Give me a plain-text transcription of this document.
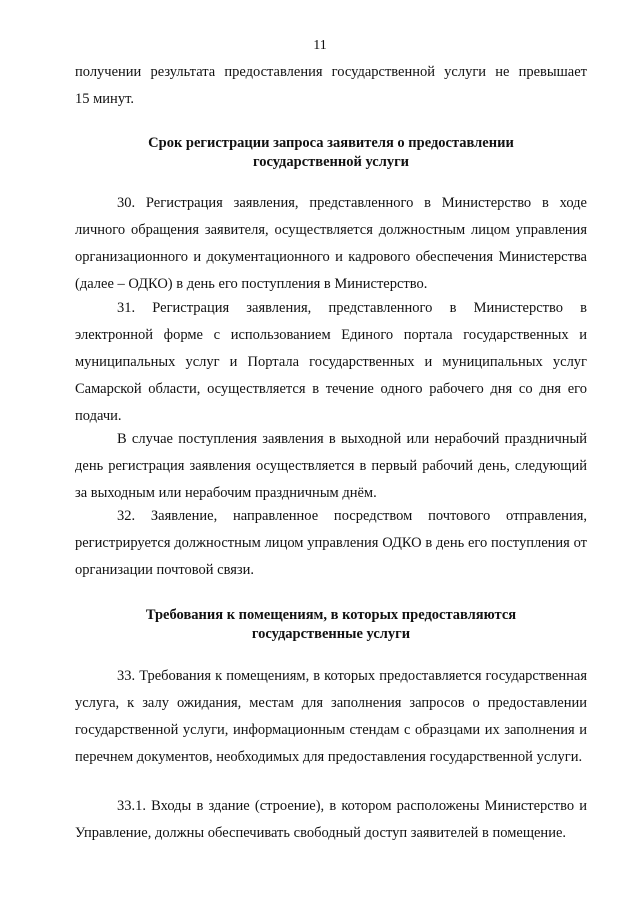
11

получении результата предоставления государственной услуги не превышает

15 минут.

Срок регистрации запроса заявителя о предоставлении

государственной услуги

30. Регистрация заявления, представленного в Министерство в ходе личного обращения заявителя, осуществляется должностным лицом управления организационного и документационного и кадрового обеспечения Министерства (далее – ОДКО) в день его поступления в Министерство.

31. Регистрация заявления, представленного в Министерство в электронной форме с использованием Единого портала государственных и муниципальных услуг и Портала государственных и муниципальных услуг Самарской области, осуществляется в течение одного рабочего дня со дня его подачи.

В случае поступления заявления в выходной или нерабочий праздничный день регистрация заявления осуществляется в первый рабочий день, следующий за выходным или нерабочим праздничным днём.

32. Заявление, направленное посредством почтового отправления, регистрируется должностным лицом управления ОДКО в день его поступления от организации почтовой связи.

Требования к помещениям, в которых предоставляются

государственные услуги

33. Требования к помещениям, в которых предоставляется государственная услуга, к залу ожидания, местам для заполнения запросов о предоставлении государственной услуги, информационным стендам с образцами их заполнения и перечнем документов, необходимых для предоставления государственной услуги.

33.1. Входы в здание (строение), в котором расположены Министерство и Управление, должны обеспечивать свободный доступ заявителей в помещение.
